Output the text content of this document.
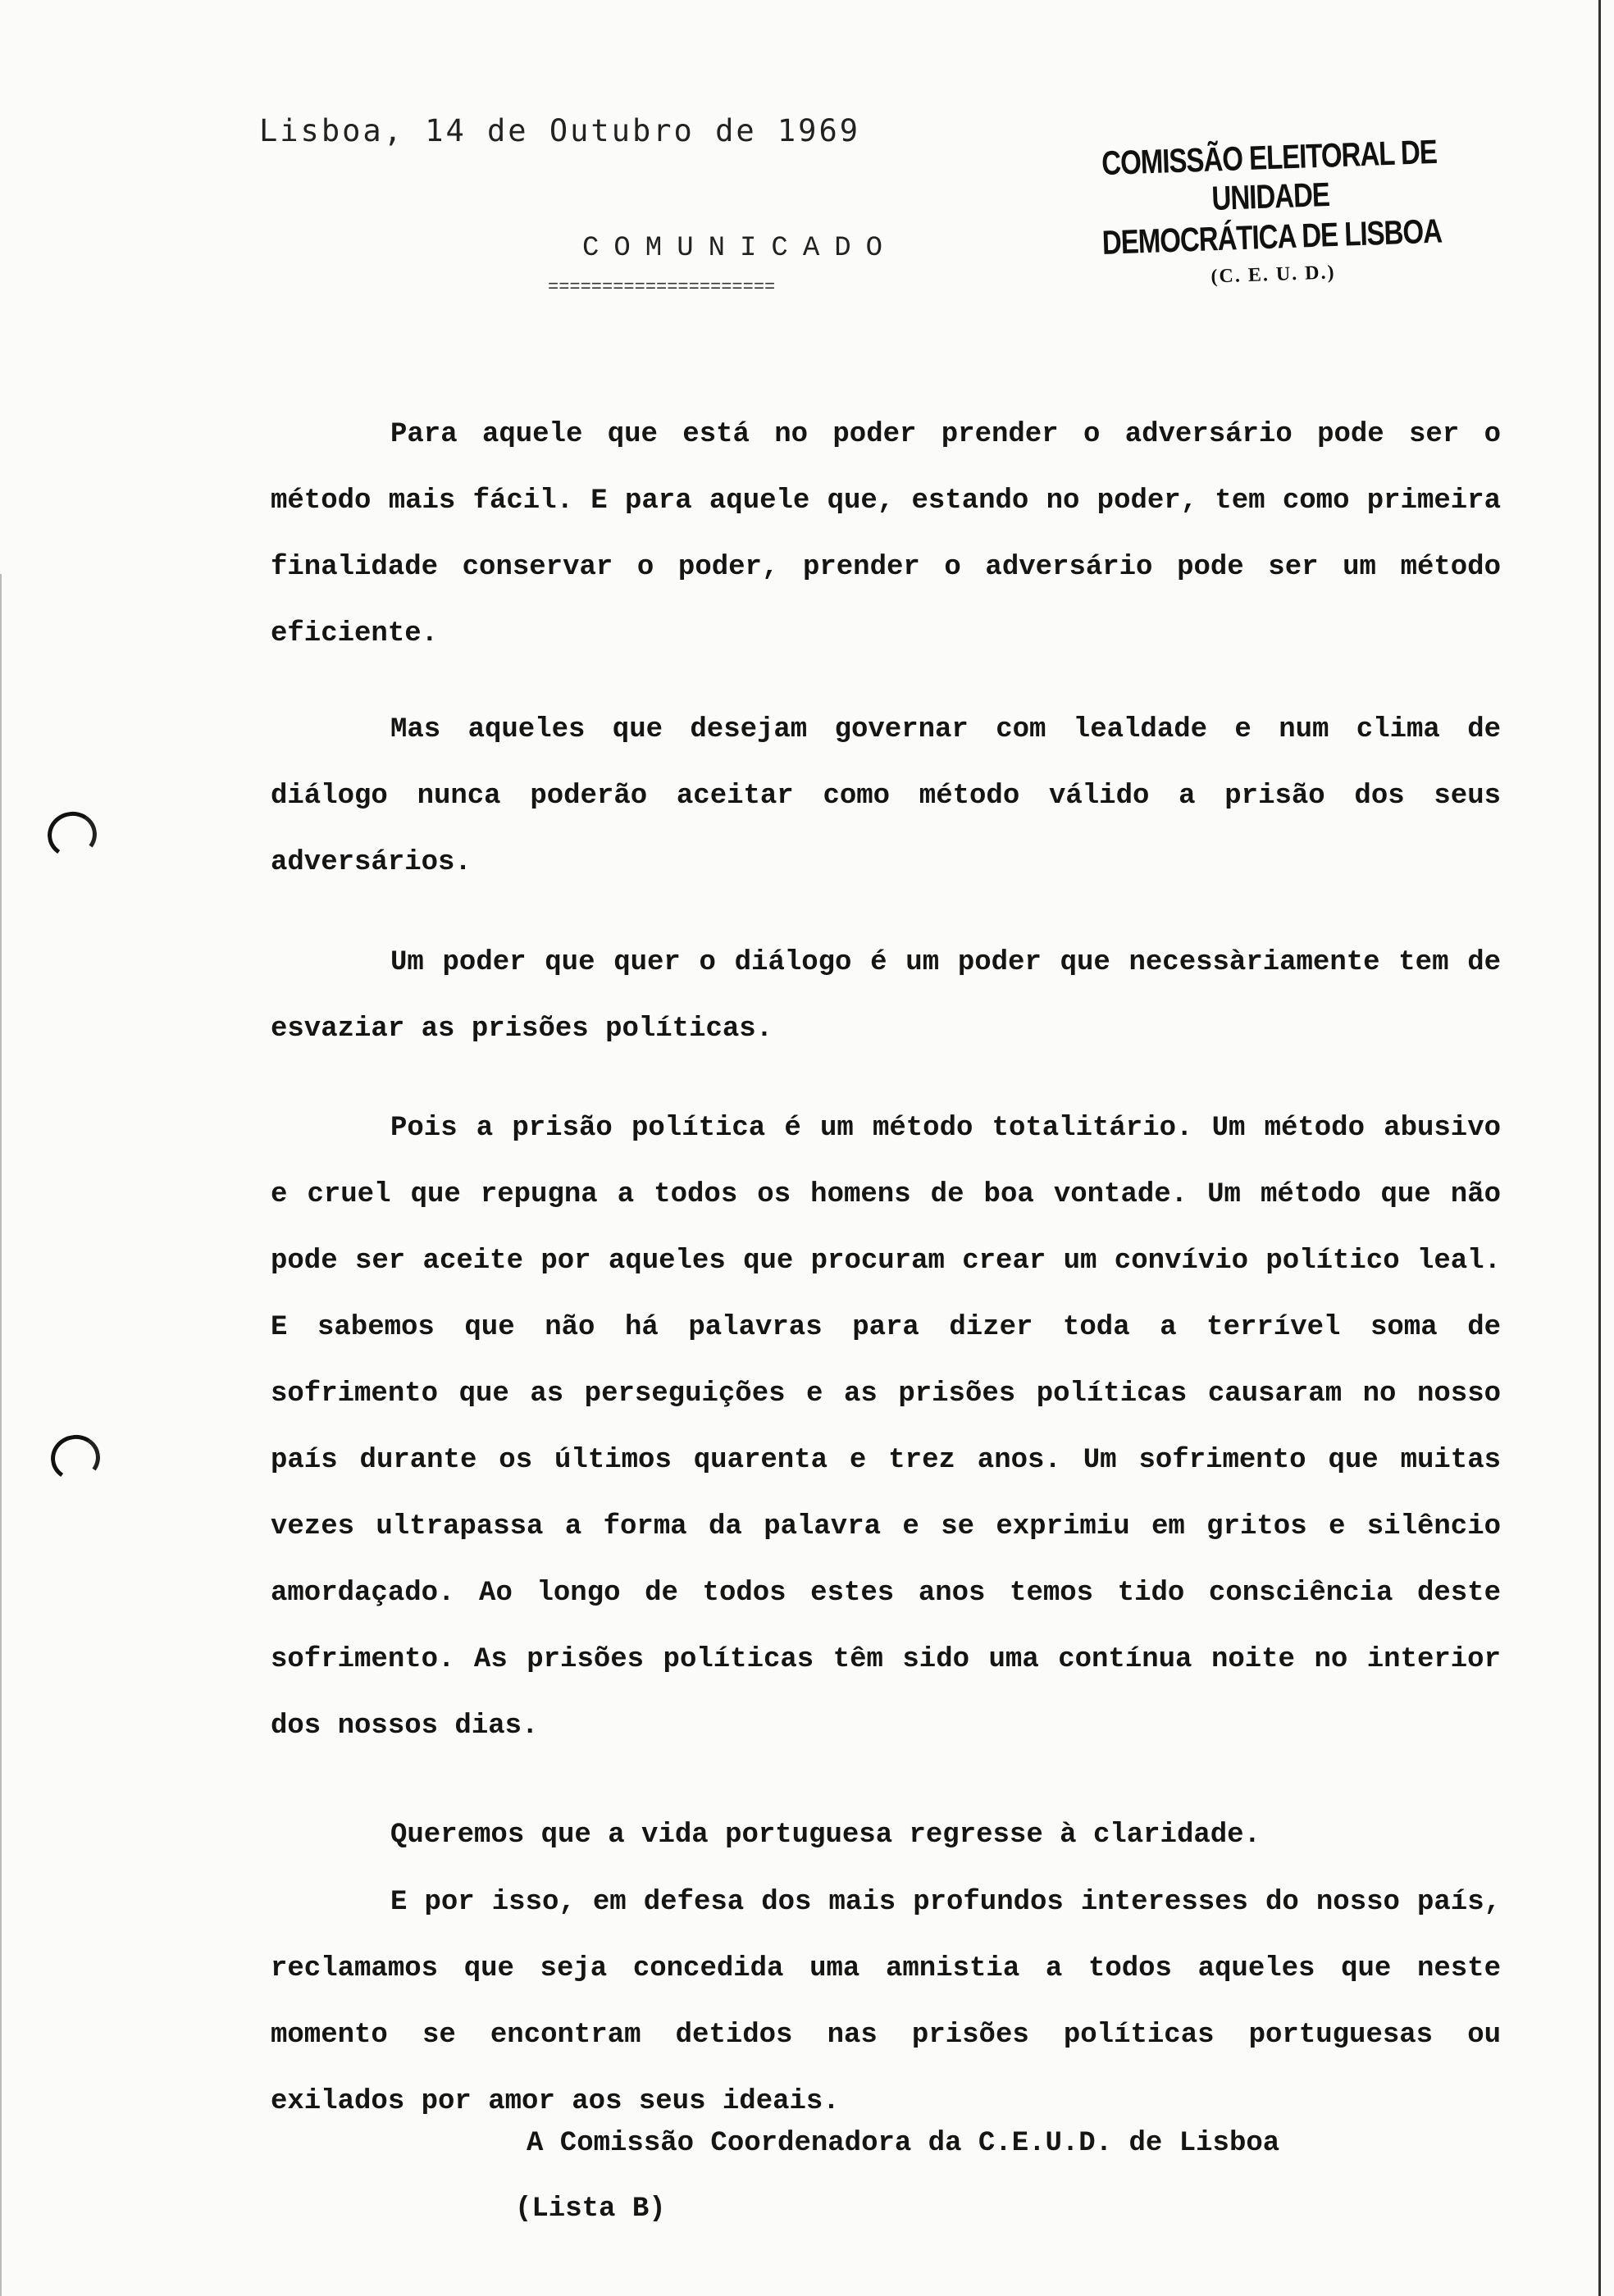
Lisboa, 14 de Outubro de 1969
COMISSÃO ELEITORAL DE UNIDADE
DEMOCRÁTICA DE LISBOA
(C. E. U. D.)
COMUNICADO
=====================

Para aquele que está no poder prender o adversário pode ser o método mais fácil. E para aquele que, estando no poder, tem como primeira finalidade conservar o poder, prender o adversário pode ser um método eficiente.

Mas aqueles que desejam governar com lealdade e num clima de diálogo nunca poderão aceitar como método válido a prisão dos seus adversários.

Um poder que quer o diálogo é um poder que necessàriamente tem de esvaziar as prisões políticas.

Pois a prisão política é um método totalitário. Um método abusivo e cruel que repugna a todos os homens de boa vontade. Um método que não pode ser aceite por aqueles que procuram crear um convívio político leal. E sabemos que não há palavras para dizer toda a terrível soma de sofrimento que as perseguições e as prisões políticas causaram no nosso país durante os últimos quarenta e trez anos. Um sofrimento que muitas vezes ultrapassa a forma da palavra e se exprimiu em gritos e silêncio amordaçado. Ao longo de todos estes anos temos tido consciência deste sofrimento. As prisões políticas têm sido uma contínua noite no interior dos nossos dias.

Queremos que a vida portuguesa regresse à claridade.

E por isso, em defesa dos mais profundos interesses do nosso país, reclamamos que seja concedida uma amnistia a todos aqueles que neste momento se encontram detidos nas prisões políticas portuguesas ou exilados por amor aos seus ideais.

A Comissão Coordenadora da C.E.U.D. de Lisboa
(Lista B)
